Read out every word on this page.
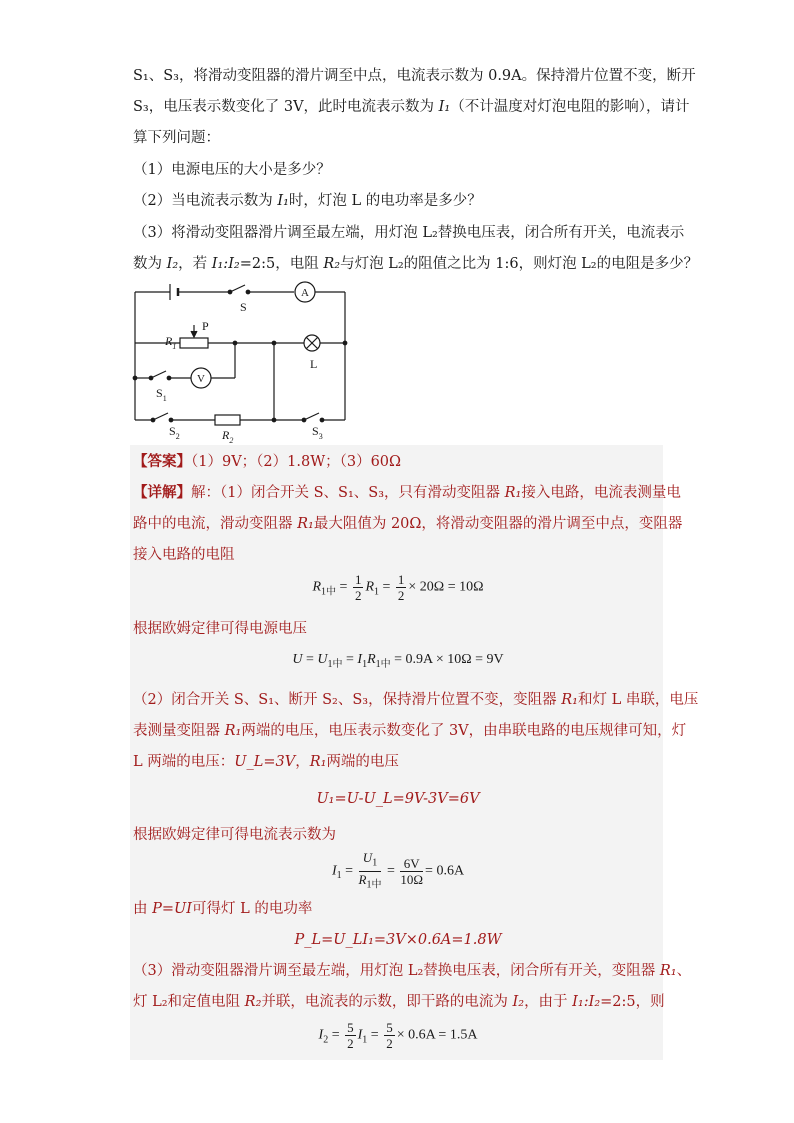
S₁、S₃，将滑动变阻器的滑片调至中点，电流表示数为 0.9A。保持滑片位置不变，断开
S₃，电压表示数变化了 3V，此时电流表示数为 I₁（不计温度对灯泡电阻的影响），请计
算下列问题：
（1）电源电压的大小是多少？
（2）当电流表示数为 I₁时，灯泡 L 的电功率是多少？
（3）将滑动变阻器滑片调至最左端，用灯泡 L₂替换电压表，闭合所有开关，电流表示
数为 I₂，若 I₁:I₂=2:5，电阻 R₂与灯泡 L₂的阻值之比为 1:6，则灯泡 L₂的电阻是多少？
A
S
P
$R_1$
L
V
$S_1$
$S_2$	$R_2$
$S_3$
【答案】（1）9V；（2）1.8W；（3）60Ω
【详解】解：（1）闭合开关 S、S₁、S₃，只有滑动变阻器 R₁接入电路，电流表测量电
路中的电流，滑动变阻器 R₁最大阻值为 20Ω，将滑动变阻器的滑片调至中点，变阻器
接入电路的电阻
$R_{1中} = \frac{1}{2} R_1 = \frac{1}{2} \times 20\Omega = 10\Omega$
根据欧姆定律可得电源电压
$U = U_{1中} = I_1R_{1中} = 0.9A \times 10\Omega = 9V$
（2）闭合开关 S、S₁、断开 S₂、S₃，保持滑片位置不变，变阻器 R₁和灯 L 串联，电压
表测量变阻器 R₁两端的电压，电压表示数变化了 3V，由串联电路的电压规律可知，灯
L 两端的电压：U_L=3V，R₁两端的电压
U₁=U-U_L=9V-3V=6V
根据欧姆定律可得电流表示数为
$I_1 = \frac{U_1}{R_{1中}} = \frac{6V}{10\Omega} = 0.6A$
由 P=UI可得灯 L 的电功率
P_L=U_LI₁=3V×0.6A=1.8W
（3）滑动变阻器滑片调至最左端，用灯泡 L₂替换电压表，闭合所有开关，变阻器 R₁、
灯 L₂和定值电阻 R₂并联，电流表的示数，即干路的电流为 I₂，由于 I₁:I₂=2:5，则
$I_2 = \frac{5}{2} I_1 = \frac{5}{2} \times 0.6A = 1.5A$
